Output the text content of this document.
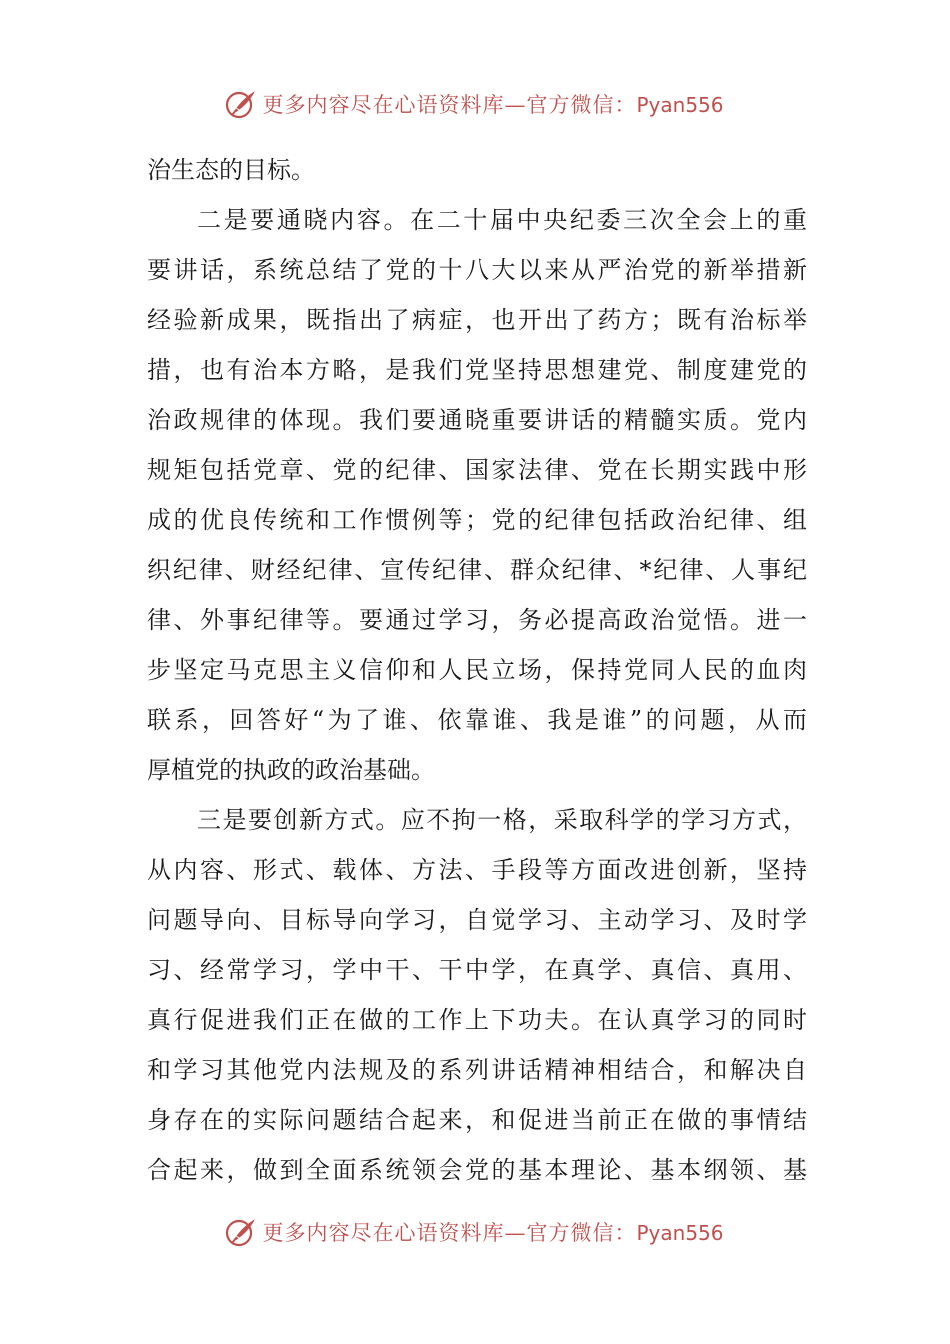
更多内容尽在心语资料库—官方微信：Pyan556
治生态的目标。
二是要通晓内容。在二十届中央纪委三次全会上的重
要讲话，系统总结了党的十八大以来从严治党的新举措新
经验新成果，既指出了病症，也开出了药方；既有治标举
措，也有治本方略，是我们党坚持思想建党、制度建党的
治政规律的体现。我们要通晓重要讲话的精髓实质。党内
规矩包括党章、党的纪律、国家法律、党在长期实践中形
成的优良传统和工作惯例等；党的纪律包括政治纪律、组
织纪律、财经纪律、宣传纪律、群众纪律、*纪律、人事纪
律、外事纪律等。要通过学习，务必提高政治觉悟。进一
步坚定马克思主义信仰和人民立场，保持党同人民的血肉
联系，回答好“为了谁、依靠谁、我是谁”的问题，从而
厚植党的执政的政治基础。
三是要创新方式。应不拘一格，采取科学的学习方式，
从内容、形式、载体、方法、手段等方面改进创新，坚持
问题导向、目标导向学习，自觉学习、主动学习、及时学
习、经常学习，学中干、干中学，在真学、真信、真用、
真行促进我们正在做的工作上下功夫。在认真学习的同时
和学习其他党内法规及的系列讲话精神相结合，和解决自
身存在的实际问题结合起来，和促进当前正在做的事情结
合起来，做到全面系统领会党的基本理论、基本纲领、基
更多内容尽在心语资料库—官方微信：Pyan556
